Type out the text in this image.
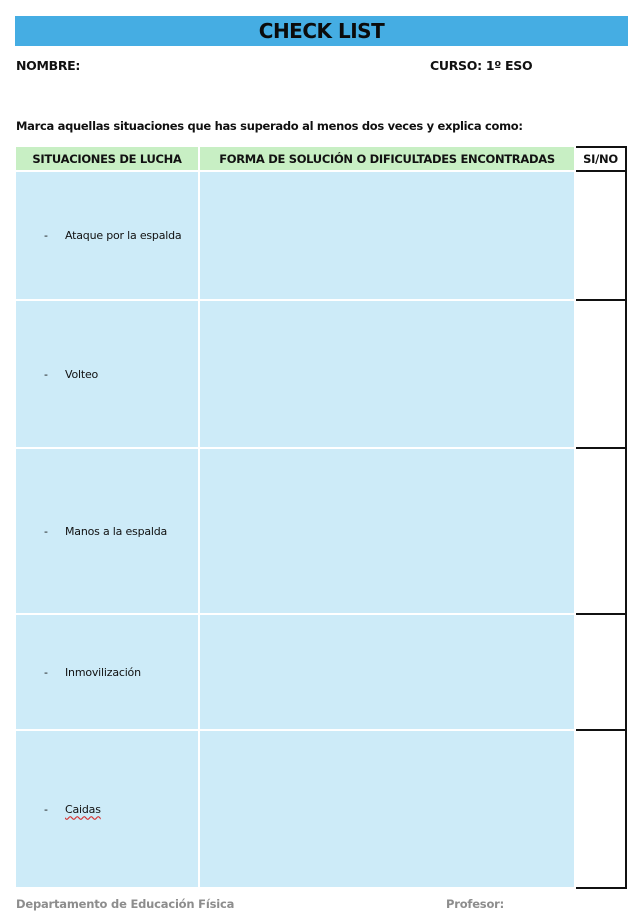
CHECK LIST
NOMBRE:	CURSO: 1º ESO
Marca aquellas situaciones que has superado al menos dos veces y explica como:
SITUACIONES DE LUCHA	FORMA DE SOLUCIÓN O DIFICULTADES ENCONTRADAS	SI/NO
- Ataque por la espalda		
- Volteo		
- Manos a la espalda		
- Inmovilización		
- Caidas		
Departamento de Educación Física	Profesor:
